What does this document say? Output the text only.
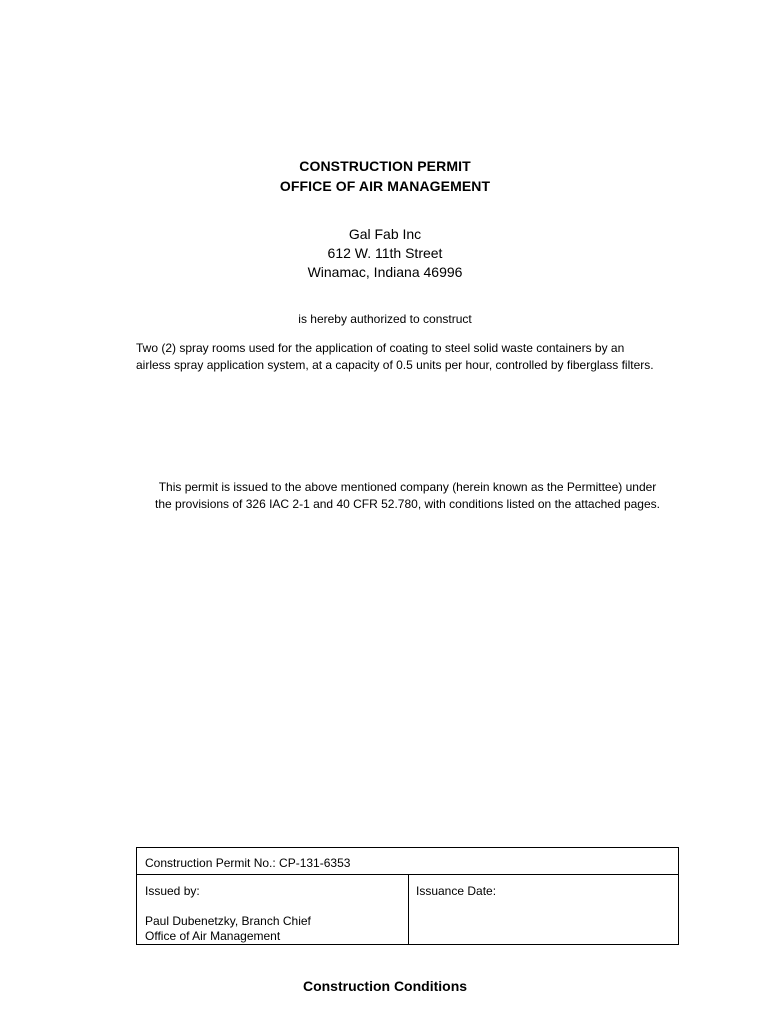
CONSTRUCTION PERMIT
OFFICE OF AIR MANAGEMENT
Gal Fab Inc
612 W. 11th Street
Winamac, Indiana 46996
is hereby authorized to construct
Two (2) spray rooms used for the application of coating to steel solid waste containers by an
airless spray application system, at a capacity of 0.5 units per hour, controlled by fiberglass filters.
This permit is issued to the above mentioned company (herein known as the Permittee) under
the provisions of 326 IAC 2-1 and 40 CFR 52.780, with conditions listed on the attached pages.
Construction Permit No.: CP-131-6353
Issued by:
Paul Dubenetzky, Branch Chief
Office of Air Management
Issuance Date:
Construction Conditions
